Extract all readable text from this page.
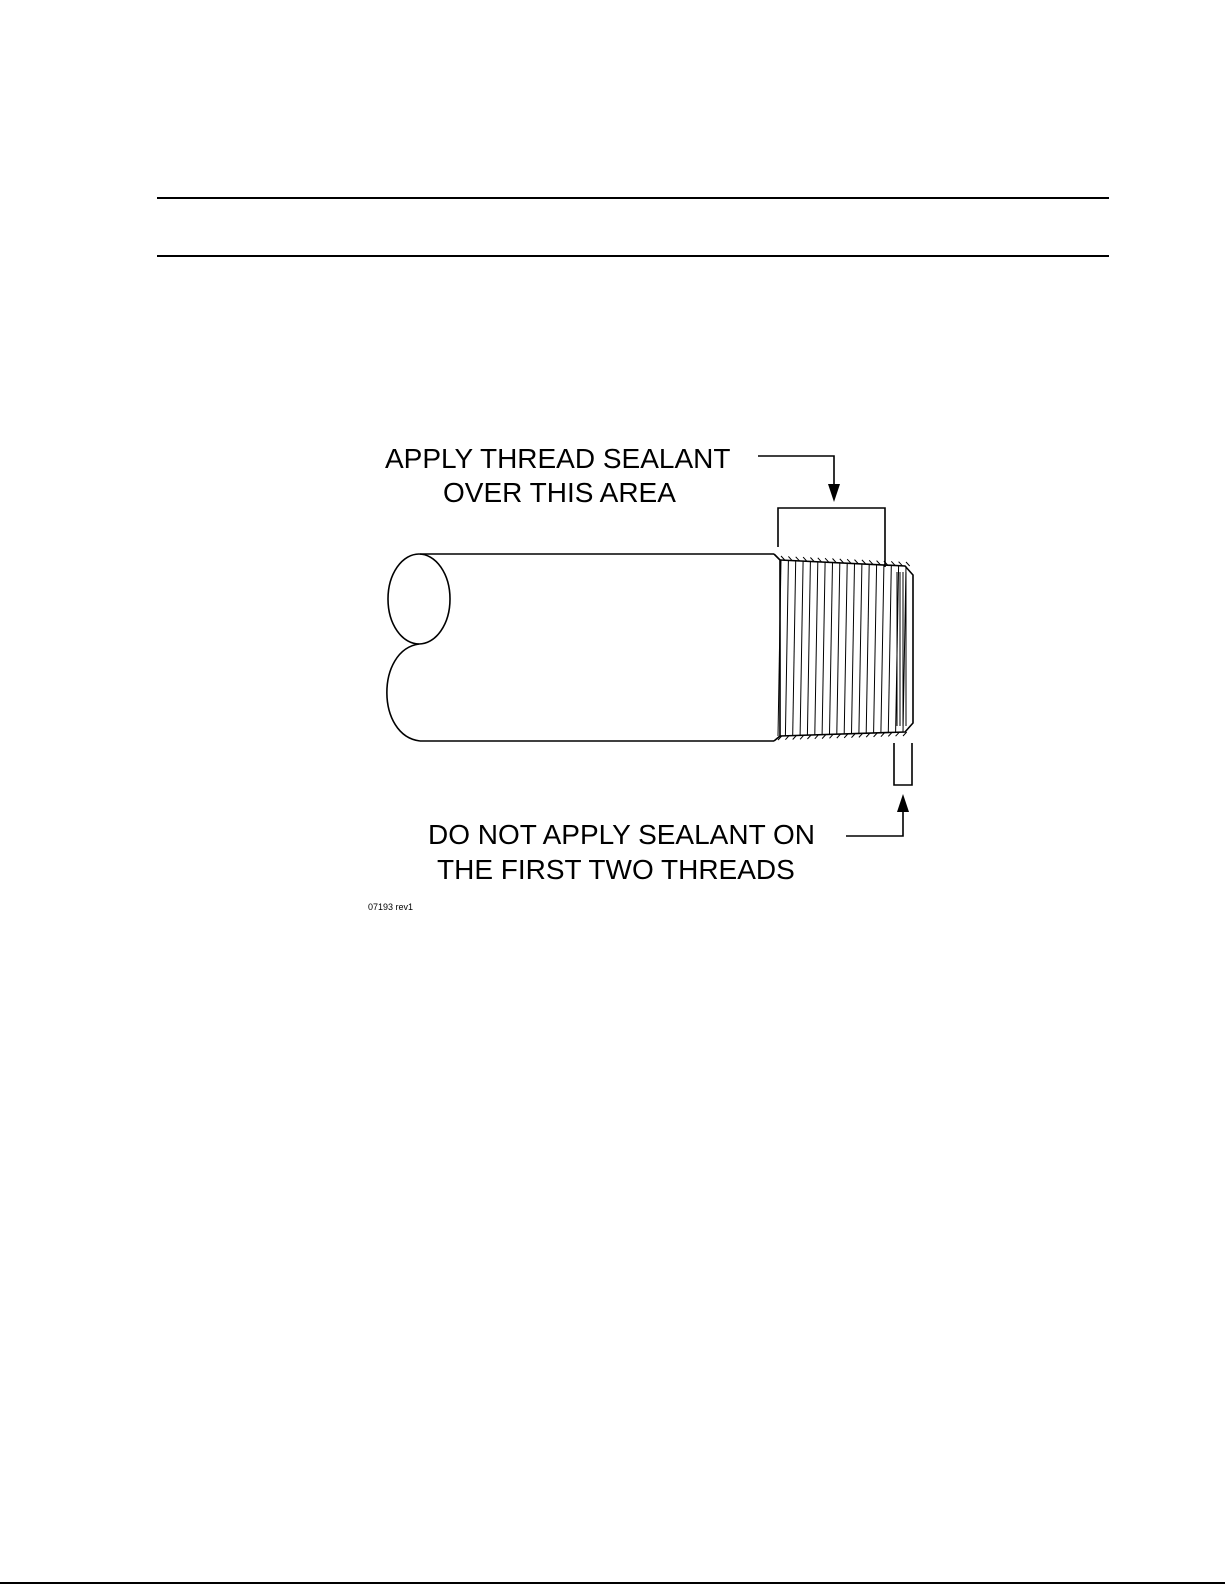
APPLY THREAD SEALANT
OVER THIS AREA
DO NOT APPLY SEALANT ON
THE FIRST TWO THREADS
07193 rev1
